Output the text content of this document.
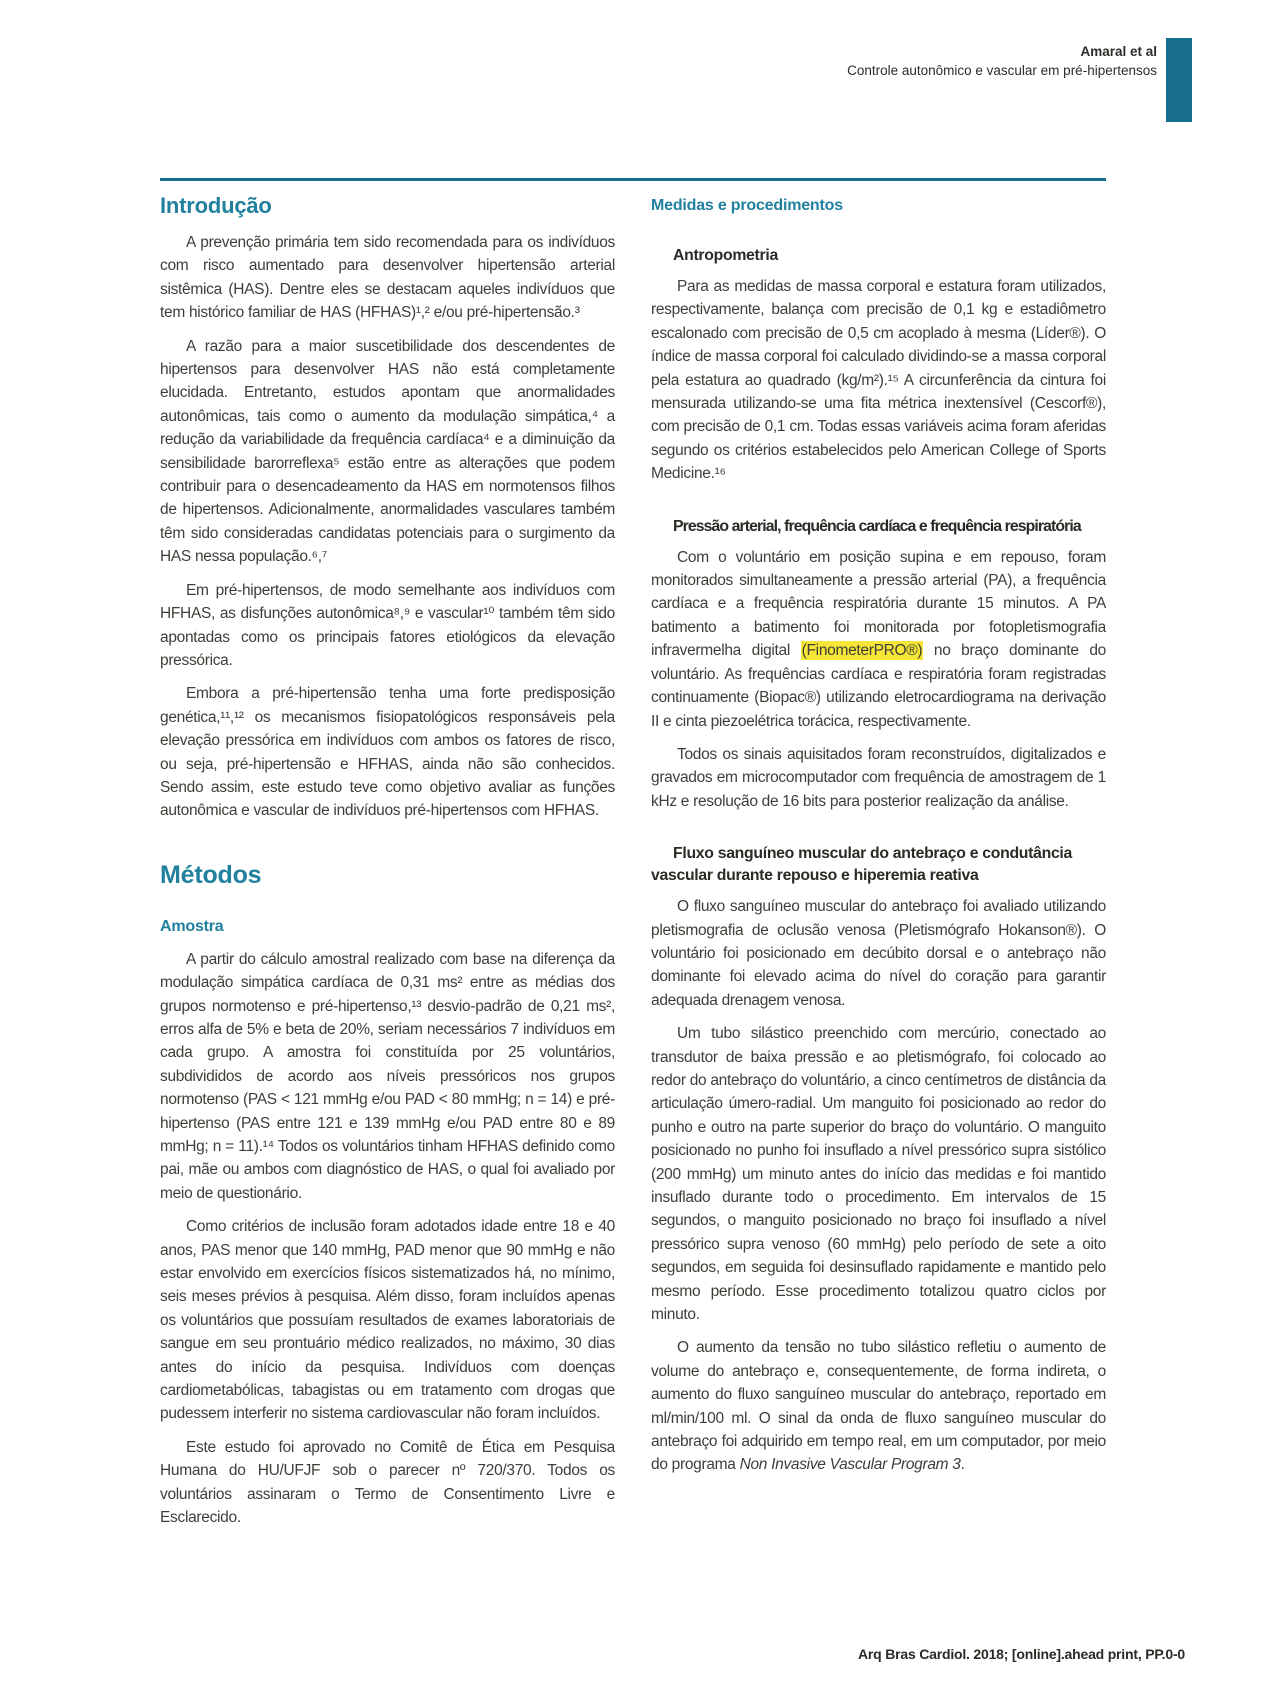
Amaral et al
Controle autonômico e vascular em pré-hipertensos
Introdução

A prevenção primária tem sido recomendada para os indivíduos com risco aumentado para desenvolver hipertensão arterial sistêmica (HAS). Dentre eles se destacam aqueles indivíduos que tem histórico familiar de HAS (HFHAS)¹,² e/ou pré-hipertensão.³

A razão para a maior suscetibilidade dos descendentes de hipertensos para desenvolver HAS não está completamente elucidada. Entretanto, estudos apontam que anormalidades autonômicas, tais como o aumento da modulação simpática,⁴ a redução da variabilidade da frequência cardíaca⁴ e a diminuição da sensibilidade barorreflexa⁵ estão entre as alterações que podem contribuir para o desencadeamento da HAS em normotensos filhos de hipertensos. Adicionalmente, anormalidades vasculares também têm sido consideradas candidatas potenciais para o surgimento da HAS nessa população.⁶,⁷

Em pré-hipertensos, de modo semelhante aos indivíduos com HFHAS, as disfunções autonômica⁸,⁹ e vascular¹⁰ também têm sido apontadas como os principais fatores etiológicos da elevação pressórica.

Embora a pré-hipertensão tenha uma forte predisposição genética,¹¹,¹² os mecanismos fisiopatológicos responsáveis pela elevação pressórica em indivíduos com ambos os fatores de risco, ou seja, pré-hipertensão e HFHAS, ainda não são conhecidos. Sendo assim, este estudo teve como objetivo avaliar as funções autonômica e vascular de indivíduos pré-hipertensos com HFHAS.

Métodos
Amostra

A partir do cálculo amostral realizado com base na diferença da modulação simpática cardíaca de 0,31 ms² entre as médias dos grupos normotenso e pré-hipertenso,¹³ desvio-padrão de 0,21 ms², erros alfa de 5% e beta de 20%, seriam necessários 7 indivíduos em cada grupo. A amostra foi constituída por 25 voluntários, subdivididos de acordo aos níveis pressóricos nos grupos normotenso (PAS < 121 mmHg e/ou PAD < 80 mmHg; n = 14) e pré-hipertenso (PAS entre 121 e 139 mmHg e/ou PAD entre 80 e 89 mmHg; n = 11).¹⁴ Todos os voluntários tinham HFHAS definido como pai, mãe ou ambos com diagnóstico de HAS, o qual foi avaliado por meio de questionário.

Como critérios de inclusão foram adotados idade entre 18 e 40 anos, PAS menor que 140 mmHg, PAD menor que 90 mmHg e não estar envolvido em exercícios físicos sistematizados há, no mínimo, seis meses prévios à pesquisa. Além disso, foram incluídos apenas os voluntários que possuíam resultados de exames laboratoriais de sangue em seu prontuário médico realizados, no máximo, 30 dias antes do início da pesquisa. Indivíduos com doenças cardiometabólicas, tabagistas ou em tratamento com drogas que pudessem interferir no sistema cardiovascular não foram incluídos.

Este estudo foi aprovado no Comitê de Ética em Pesquisa Humana do HU/UFJF sob o parecer nº 720/370. Todos os voluntários assinaram o Termo de Consentimento Livre e Esclarecido.

Medidas e procedimentos
Antropometria

Para as medidas de massa corporal e estatura foram utilizados, respectivamente, balança com precisão de 0,1 kg e estadiômetro escalonado com precisão de 0,5 cm acoplado à mesma (Líder®). O índice de massa corporal foi calculado dividindo-se a massa corporal pela estatura ao quadrado (kg/m²).¹⁵ A circunferência da cintura foi mensurada utilizando-se uma fita métrica inextensível (Cescorf®), com precisão de 0,1 cm. Todas essas variáveis acima foram aferidas segundo os critérios estabelecidos pelo American College of Sports Medicine.¹⁶

Pressão arterial, frequência cardíaca e frequência respiratória

Com o voluntário em posição supina e em repouso, foram monitorados simultaneamente a pressão arterial (PA), a frequência cardíaca e a frequência respiratória durante 15 minutos. A PA batimento a batimento foi monitorada por fotopletismografia infravermelha digital (FinometerPRO®) no braço dominante do voluntário. As frequências cardíaca e respiratória foram registradas continuamente (Biopac®) utilizando eletrocardiograma na derivação II e cinta piezoelétrica torácica, respectivamente.

Todos os sinais aquisitados foram reconstruídos, digitalizados e gravados em microcomputador com frequência de amostragem de 1 kHz e resolução de 16 bits para posterior realização da análise.

Fluxo sanguíneo muscular do antebraço e condutância vascular durante repouso e hiperemia reativa

O fluxo sanguíneo muscular do antebraço foi avaliado utilizando pletismografia de oclusão venosa (Pletismógrafo Hokanson®). O voluntário foi posicionado em decúbito dorsal e o antebraço não dominante foi elevado acima do nível do coração para garantir adequada drenagem venosa.

Um tubo silástico preenchido com mercúrio, conectado ao transdutor de baixa pressão e ao pletismógrafo, foi colocado ao redor do antebraço do voluntário, a cinco centímetros de distância da articulação úmero-radial. Um manguito foi posicionado ao redor do punho e outro na parte superior do braço do voluntário. O manguito posicionado no punho foi insuflado a nível pressórico supra sistólico (200 mmHg) um minuto antes do início das medidas e foi mantido insuflado durante todo o procedimento. Em intervalos de 15 segundos, o manguito posicionado no braço foi insuflado a nível pressórico supra venoso (60 mmHg) pelo período de sete a oito segundos, em seguida foi desinsuflado rapidamente e mantido pelo mesmo período. Esse procedimento totalizou quatro ciclos por minuto.

O aumento da tensão no tubo silástico refletiu o aumento de volume do antebraço e, consequentemente, de forma indireta, o aumento do fluxo sanguíneo muscular do antebraço, reportado em ml/min/100 ml. O sinal da onda de fluxo sanguíneo muscular do antebraço foi adquirido em tempo real, em um computador, por meio do programa Non Invasive Vascular Program 3.

Arq Bras Cardiol. 2018; [online].ahead print, PP.0-0
